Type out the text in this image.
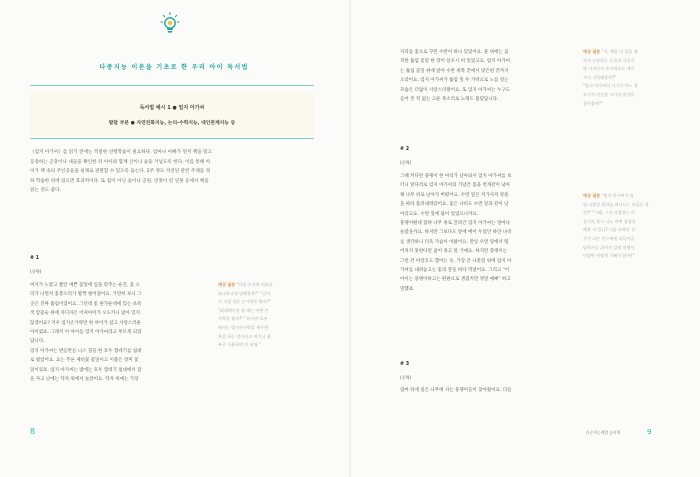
다중지능 이론을 기초로 한 우리 아이 독서법
독서법 예시 1 ● 엄지 아가씨
발달 부분 ● 자연친화지능, 논리-수학지능, 대인관계지능 등
《엄지 아가씨》를 읽기 전에는 적절한 선행학습이 필요하다. 엄마나 아빠가 먼저 책을 읽고
등장하는 곤충이나 새들을 확인한 뒤 아이와 함께 산이나 숲을 거닐도록 한다. 이를 통해 아
이가 책 속의 주인공들을 실제로 관찰할 수 있도록 돕는다. 2주 정도 지연된 관련 주제를 정
하 학습한 뒤에 읽으면 효과적이다. 또 집이 아닌 숲이나 공원, 연못이 된 연못 등에서 책을
읽는 것도 좋다.
# 1
(중략)
여자가 노랗고 빨간 예쁜 꽃잎에 입을 맞추는 순간, 꽃 소
리가 나면서 꽃봉오리가 활짝 벌어졌어요. 가만히 보니 그
곳은 진짜 튤립이었어요. 그런데 꽃 한가운데에 있는 초록
색 암꽃술 위에 자디자은 어져아이가 오도카니 앉아 있지
않겠어요? 겨우 엄지손가락만 한 아이가 참고 사랑스러운
아이였죠. 그래서 이 아이를 엄지 아가씨라고 부르게 되었
답니다.
엄지 아가씨는 반들반들 니스 칠을 한 호두 껍데기를 침대
로 썼었어요. 요는 푸른 제비꽃 꽃잎이고 이불은 장미 꽃
잎이었죠. 엄지 아가씨는 밤에는 호두 껍데기 침대에서 잠
을 자고 낮에는 탁자 위에서 놀았어요. 탁자 위에는 가장
예상 질문 "다섯 손가락 이름을
하나하나씩 말해볼까?" "길이
가 가장 작은 손가락은 뭘까?"
"최대에이진 할 때는 어떤 손
가락을 쓸까?" "하지만 호주
에서는 엄지손가락을 세우면
욕을 하는 것이라고 여기니 함
부로 사용하면 안 된대."
8
자리를 꽃으로 꾸민 수반이 하나 있었어요. 물 위에는 큼
직한 튤립 꽃잎 한 장이 살포시 떠 있었고요. 엄지 아가씨
는 튤립 꽃잎 위에 앉아 수반 위쪽 끝에서 맞은편 끝까지
오갔어요. 엄지 아가씨가 튤립 잎 두 가락으로 노를 젓는
모습은 더없이 사랑스러웠어요. 또 엄지 아가씨는 누구도
들어 본 적 없는 고운 목소리로 노래도 불렀답니다.
예상 질문 "저, 책을 다 읽을 때
까지 등장하는 동물과 식물이
몇 가지인지 손가락으로 세어
가며 기억해볼까?"
"엄지 아가씨의 크기가 어느 정
도인지 비슷한 크기의 물건을
찾아볼까?"
# 2
(중략)
그때 커다란 풍뎅이 한 마리가 날아와서 엄지 아가씨를 보
더니 앞다리로 엄지 아가씨의 가냘픈 몸을 번개같이 낚아
채 나무 위로 날아가 버렸어요. 수면 잎은 저가사저 강물
을 따라 흘러내려갔어요. 꽃은 나비도 수면 잎과 같이 날
아갔고요. 수면 잎에 묶어 있었으니까요.
풍뎅이뭔데 잡혀 나무 위로 끌려간 엄지 아가씨는 얼마나
놀랐을까요. 하지만 그보다도 앞에 매어 두었던 하얀 나비
를 생각하니 더욱 가슴이 아팠어요. 만일 수면 잎에서 떨
어지지 못한다면 굶어 죽고 말 거예요. 하지만 풍뎅이는
그런 건 아랑곳도 했어는 듯, 가장 큰 나뭇잎 위에 엄지 아
가씨를 내려놓고는 꽃의 꿀을 따다 먹었어요. 그리고 "이
아이는 풍뎅이하고는 딴판으로 생겼지만 정말 예뻐" 하고
말했죠.
예상 질문 "엄지 아가씨가 튜
입 나뭇잎 위하늘 떠다니는 마음은 할
까?" "그래, 그건 사람한는 아
들이지 혹시 너도 어떤 경험을
해본 적 있니? 너를 도와준 친
구가 다른 친구에게 다들어을
당하거나 쉬어진 일에 처했서
이럴만 어떻게 기뻐이 않아?"
# 3
(중략)
엄마 뒤에 깊은 나무에 사는 풍뎅이들이 찾아왔어요. 더들
다중지능계발 놀이책	9
